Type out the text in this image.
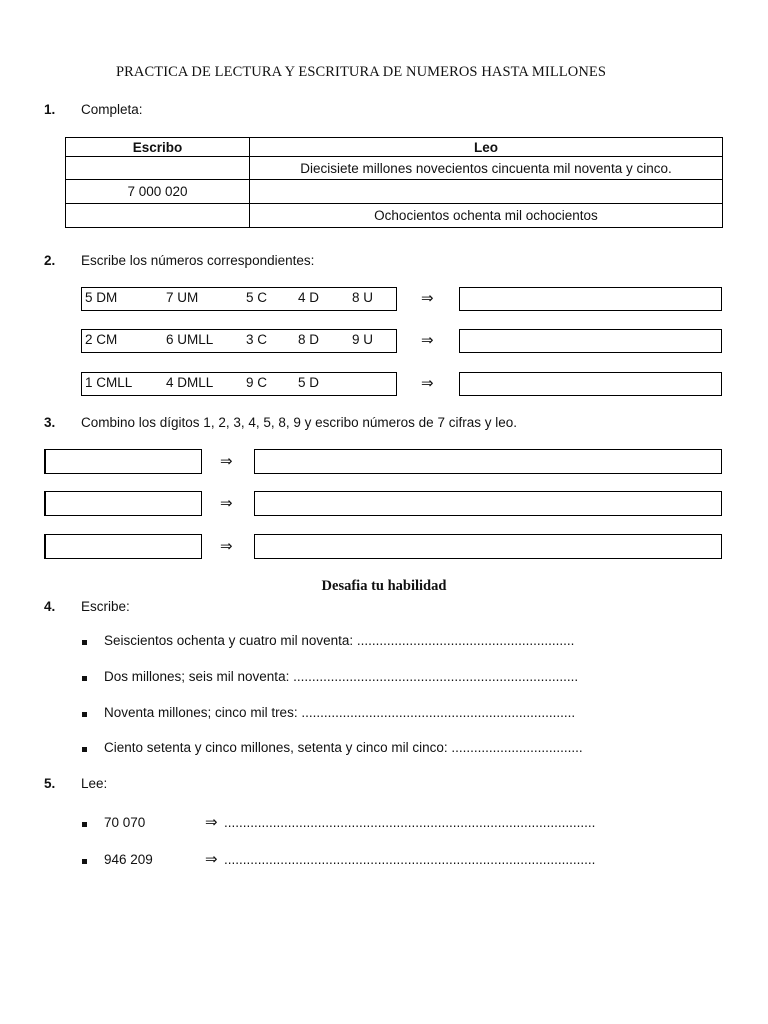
PRACTICA DE LECTURA Y ESCRITURA DE NUMEROS HASTA MILLONES
1. Completa:
Escribo	Leo
	Diecisiete millones novecientos cincuenta mil noventa y cinco.
7 000 020	
	Ochocientos ochenta mil ochocientos
2. Escribe los números correspondientes:
5 DM	7 UM	5 C 4 D 8 U	⇒
2 CM	6 UMLL 3 C 8 D 9 U	⇒
1 CMLL 4 DMLL 9 C 5 D	⇒
3. Combino los dígitos 1, 2, 3, 4, 5, 8, 9 y escribo números de 7 cifras y leo.
⇒
⇒
⇒
Desafia tu habilidad
4. Escribe:
Seiscientos ochenta y cuatro mil noventa: ..........................................................
Dos millones; seis mil noventa: ............................................................................
Noventa millones; cinco mil tres: .........................................................................
Ciento setenta y cinco millones, setenta y cinco mil cinco: ...................................
5. Lee:
70 070	⇒ ...................................................................................................
946 209	⇒ ...................................................................................................
